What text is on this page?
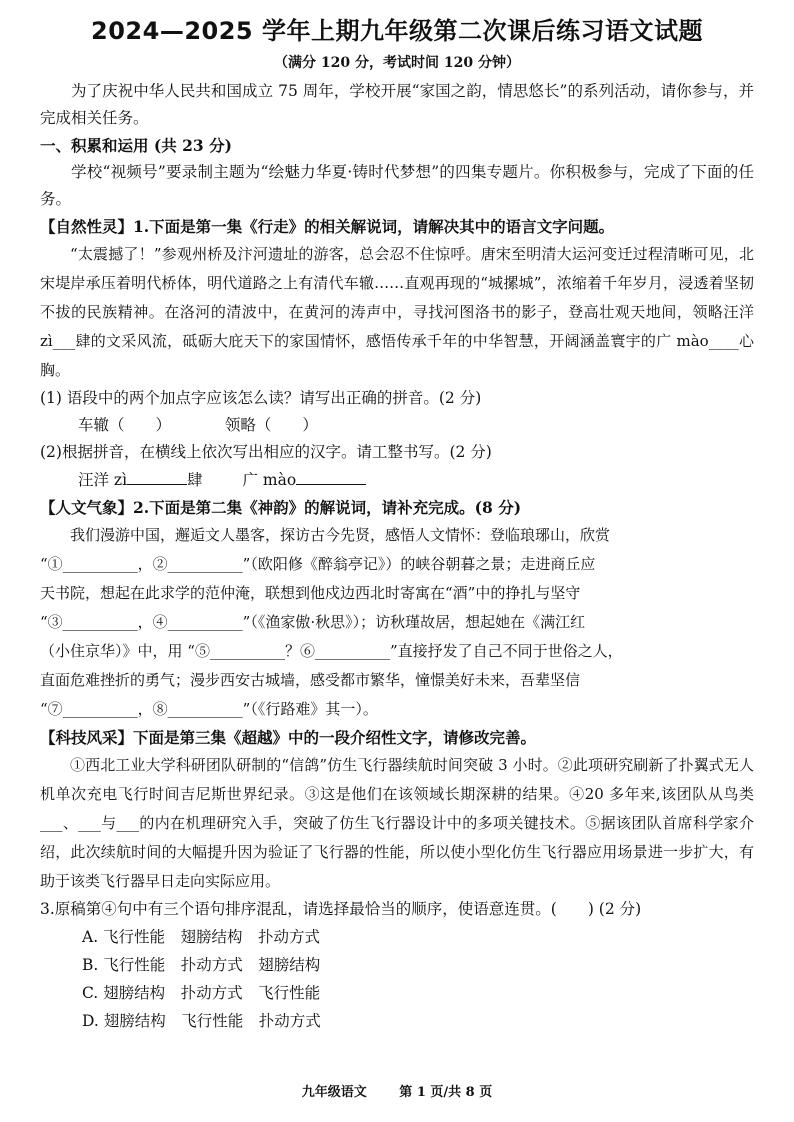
2024—2025 学年上期九年级第二次课后练习语文试题
（满分 120 分，考试时间 120 分钟）

为了庆祝中华人民共和国成立 75 周年，学校开展“家国之韵，情思悠长”的系列活动，请你参与，并完成相关任务。

一、积累和运用 (共 23 分)

学校“视频号”要录制主题为“绘魅力华夏·铸时代梦想”的四集专题片。你积极参与，完成了下面的任务。

【自然性灵】1.下面是第一集《行走》的相关解说词，请解决其中的语言文字问题。

“太震撼了！”参观州桥及汴河遗址的游客，总会忍不住惊呼。唐宋至明清大运河变迁过程清晰可见，北宋堤岸承压着明代桥体，明代道路之上有清代车辙……直观再现的“城摞城”，浓缩着千年岁月，浸透着坚韧不拔的民族精神。在洛河的清波中，在黄河的涛声中，寻找河图洛书的影子，登高壮观天地间，领略汪洋 zì___肆的文采风流，砥砺大庇天下的家国情怀，感悟传承千年的中华智慧，开阔涵盖寰宇的广 mào____心胸。

(1) 语段中的两个加点字应该怎么读？请写出正确的拼音。(2 分)

车辙（　　）	领略（　　）

(2)根据拼音，在横线上依次写出相应的汉字。请工整书写。(2 分)

汪洋 zì	肆	广 mào

【人文气象】2.下面是第二集《神韵》的解说词，请补充完成。(8 分)

我们漫游中国，邂逅文人墨客，探访古今先贤，感悟人文情怀：登临琅琊山，欣赏

“①__________，②__________”（欧阳修《醉翁亭记》）的峡谷朝暮之景；走进商丘应

天书院，想起在此求学的范仲淹，联想到他戍边西北时寄寓在“酒”中的挣扎与坚守

“③__________，④__________”（《渔家傲·秋思》）；访秋瑾故居，想起她在《满江红

（小住京华）》中，用 “⑤__________？⑥__________”直接抒发了自己不同于世俗之人，

直面危难挫折的勇气；漫步西安古城墙，感受都市繁华，憧憬美好未来，吾辈坚信

“⑦__________，⑧__________”（《行路难》其一）。

【科技风采】下面是第三集《超越》中的一段介绍性文字，请修改完善。

①西北工业大学科研团队研制的“信鸽”仿生飞行器续航时间突破 3 小时。②此项研究刷新了扑翼式无人机单次充电飞行时间吉尼斯世界纪录。③这是他们在该领域长期深耕的结果。④20 多年来,该团队从鸟类___、___与___的内在机理研究入手，突破了仿生飞行器设计中的多项关键技术。⑤据该团队首席科学家介绍，此次续航时间的大幅提升因为验证了飞行器的性能，所以使小型化仿生飞行器应用场景进一步扩大，有助于该类飞行器早日走向实际应用。

3.原稿第④句中有三个语句排序混乱，请选择最恰当的顺序，使语意连贯。(　　) (2 分)

A. 飞行性能　翅膀结构　扑动方式

B. 飞行性能　扑动方式　翅膀结构

C. 翅膀结构　扑动方式　飞行性能

D. 翅膀结构　飞行性能　扑动方式

九年级语文	第 1 页/共 8 页
